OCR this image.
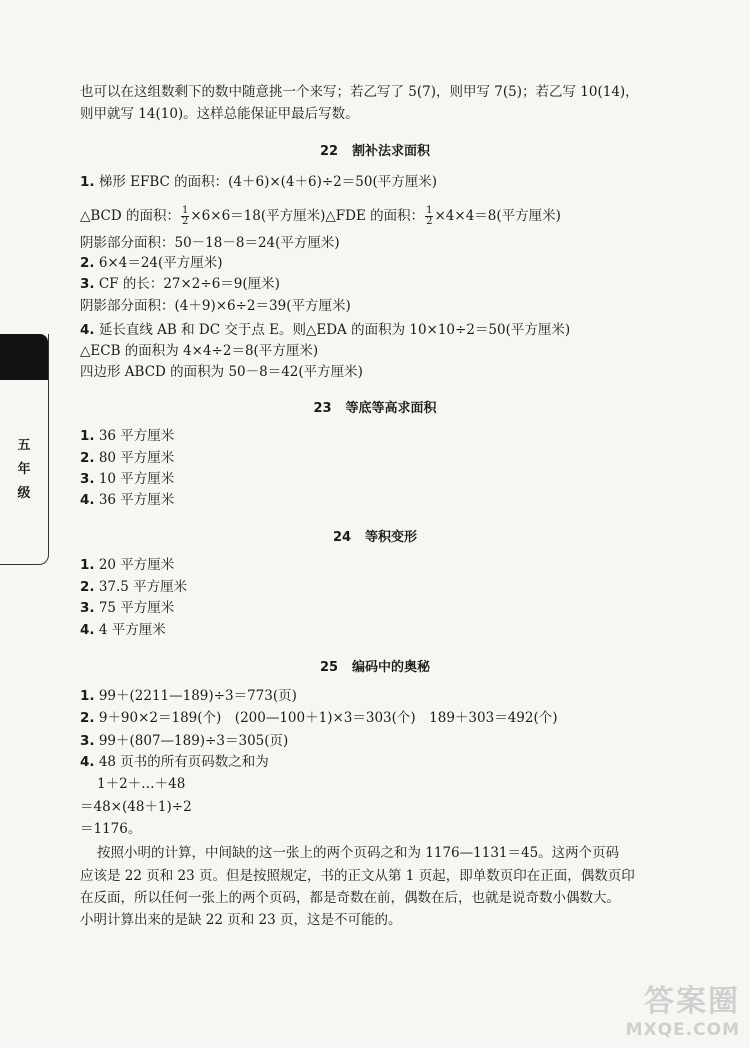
也可以在这组数剩下的数中随意挑一个来写；若乙写了 5(7)，则甲写 7(5)；若乙写 10(14)，
则甲就写 14(10)。这样总能保证甲最后写数。
22 割补法求面积
1. 梯形 EFBC 的面积：(4＋6)×(4＋6)÷2＝50(平方厘米)
△BCD 的面积： $\frac{1}{2} \times 6\times 6=18$(平方厘米)△FDE 的面积： $\frac{1}{2} \times 4\times 4=8$(平方厘米)
阴影部分面积：50－18－8＝24(平方厘米)
2. 6×4＝24(平方厘米)
3. CF 的长：27×2÷6＝9(厘米)
阴影部分面积：(4＋9)×6÷2＝39(平方厘米)
4. 延长直线 AB 和 DC 交于点 E。则△EDA 的面积为 10×10÷2＝50(平方厘米)
△ECB 的面积为 4×4÷2＝8(平方厘米)
四边形 ABCD 的面积为 50－8＝42(平方厘米)
23 等底等高求面积
1. 36 平方厘米
2. 80 平方厘米
3. 10 平方厘米
4. 36 平方厘米
24 等积变形
1. 20 平方厘米
2. 37.5 平方厘米
3. 75 平方厘米
4. 4 平方厘米
25 编码中的奥秘
1. 99＋(2211—189)÷3＝773(页)
2. 9＋90×2＝189(个)　(200—100＋1)×3＝303(个)　189＋303＝492(个)
3. 99＋(807—189)÷3＝305(页)
4. 48 页书的所有页码数之和为
1＋2＋…＋48
＝48×(48＋1)÷2
＝1176。
按照小明的计算，中间缺的这一张上的两个页码之和为 1176—1131＝45。这两个页码
应该是 22 页和 23 页。但是按照规定，书的正文从第 1 页起，即单数页印在正面，偶数页印
在反面，所以任何一张上的两个页码，都是奇数在前，偶数在后，也就是说奇数小偶数大。
小明计算出来的是缺 22 页和 23 页，这是不可能的。
五
年
级
答案圈
MXQE.COM
